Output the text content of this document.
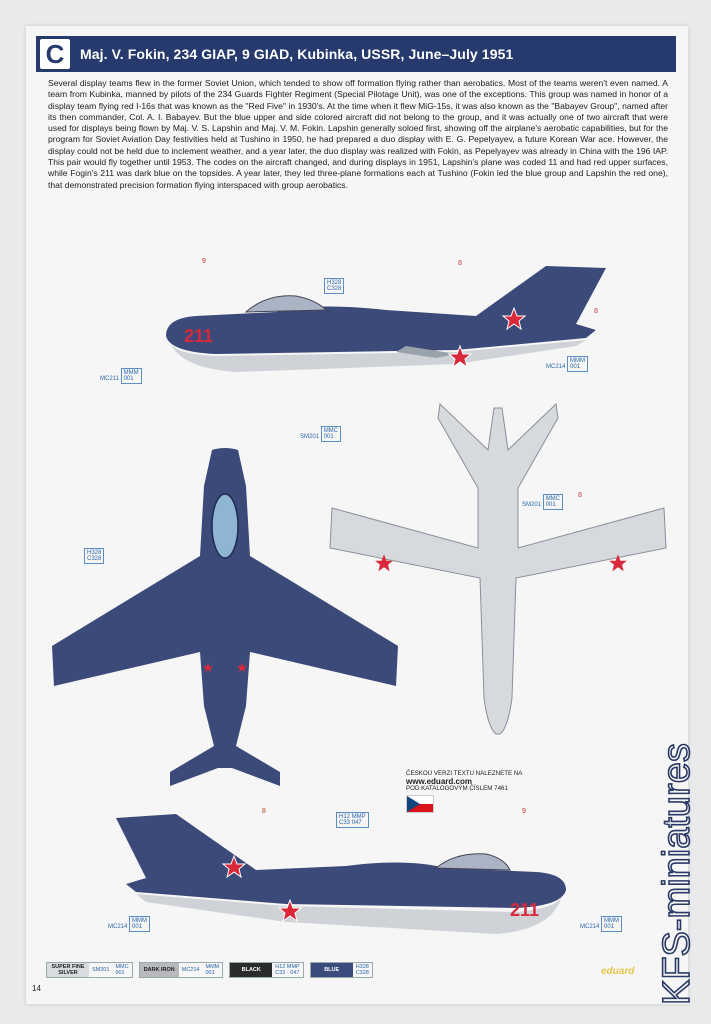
C	Maj. V. Fokin, 234 GIAP, 9 GIAD, Kubinka, USSR, June–July 1951
Several display teams flew in the former Soviet Union, which tended to show off formation flying rather than aerobatics. Most of the teams weren't even named. A team from Kubinka, manned by pilots of the 234 Guards Fighter Regiment (Special Pilotage Unit), was one of the exceptions. This group was named in honor of a display team flying red I-16s that was known as the "Red Five" in 1930's. At the time when it flew MiG-15s, it was also known as the "Babayev Group", named after its then commander, Col. A. I. Babayev. But the blue upper and side colored aircraft did not belong to the group, and it was actually one of two aircraft that were used for displays being flown by Maj. V. S. Lapshin and Maj. V. M. Fokin. Lapshin generally soloed first, showing off the airplane's aerobatic capabilities, but for the program for Soviet Aviation Day festivities held at Tushino in 1950, he had prepared a duo display with E. G. Pepelyayev, a future Korean War ace. However, the display could not be held due to inclement weather, and a year later, the duo display was realized with Fokin, as Pepelyayev was already in China with the 196 IAP. This pair would fly together until 1953. The codes on the aircraft changed, and during displays in 1951, Lapshin's plane was coded 11 and had red upper surfaces, while Fogin's 211 was dark blue on the topsides. A year later, they led three-plane formations each at Tushino (Fokin led the blue group and Lapshin the red one), that demonstrated precision formation flying interspaced with group aerobatics.
211
211
9	8
8
H328
C328
MC211 MMM
001
MC214 MMM
001
SM201 MMC
001
H328
C328
SM201 MMC
001
8
H12 MMP
C33 047
8	9
MC214 MMM
001	MC214 MMM
001
ČESKOU VERZI TEXTU NALEZNETE NA
www.eduard.com
POD KATALOGOVÝM ČÍSLEM 7461
SUPER FINE SILVER	SM201	MMC
001	DARK IRON	MC214	MMM
001	BLACK	H12 MMP
C33 · 047	BLUE	H328
C328
14
eduard KFS-miniatures
